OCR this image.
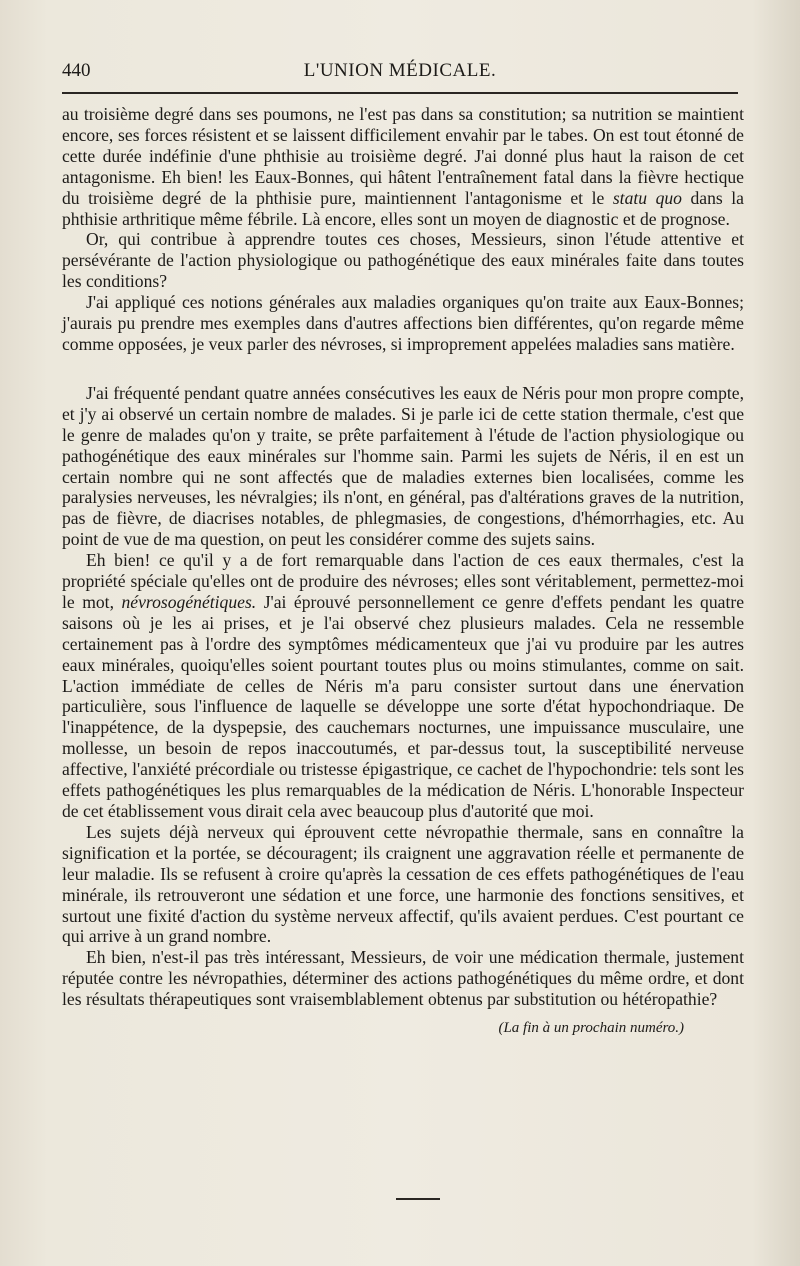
440	L'UNION MÉDICALE.

au troisième degré dans ses poumons, ne l'est pas dans sa constitution; sa nutrition se maintient encore, ses forces résistent et se laissent difficilement envahir par le tabes. On est tout étonné de cette durée indéfinie d'une phthisie au troisième degré. J'ai donné plus haut la raison de cet antagonisme. Eh bien! les Eaux-Bonnes, qui hâtent l'entraînement fatal dans la fièvre hectique du troisième degré de la phthisie pure, maintiennent l'antagonisme et le statu quo dans la phthisie arthritique même fébrile. Là encore, elles sont un moyen de diagnostic et de prognose.

Or, qui contribue à apprendre toutes ces choses, Messieurs, sinon l'étude attentive et persévérante de l'action physiologique ou pathogénétique des eaux minérales faite dans toutes les conditions?

J'ai appliqué ces notions générales aux maladies organiques qu'on traite aux Eaux-Bonnes; j'aurais pu prendre mes exemples dans d'autres affections bien différentes, qu'on regarde même comme opposées, je veux parler des névroses, si improprement appelées maladies sans matière.

J'ai fréquenté pendant quatre années consécutives les eaux de Néris pour mon propre compte, et j'y ai observé un certain nombre de malades. Si je parle ici de cette station thermale, c'est que le genre de malades qu'on y traite, se prête parfaitement à l'étude de l'action physiologique ou pathogénétique des eaux minérales sur l'homme sain. Parmi les sujets de Néris, il en est un certain nombre qui ne sont affectés que de maladies externes bien localisées, comme les paralysies nerveuses, les névralgies; ils n'ont, en général, pas d'altérations graves de la nutrition, pas de fièvre, de diacrises notables, de phlegmasies, de congestions, d'hémorrhagies, etc. Au point de vue de ma question, on peut les considérer comme des sujets sains.

Eh bien! ce qu'il y a de fort remarquable dans l'action de ces eaux thermales, c'est la propriété spéciale qu'elles ont de produire des névroses; elles sont véritablement, permettez-moi le mot, névrosogénétiques. J'ai éprouvé personnellement ce genre d'effets pendant les quatre saisons où je les ai prises, et je l'ai observé chez plusieurs malades. Cela ne ressemble certainement pas à l'ordre des symptômes médicamenteux que j'ai vu produire par les autres eaux minérales, quoiqu'elles soient pourtant toutes plus ou moins stimulantes, comme on sait. L'action immédiate de celles de Néris m'a paru consister surtout dans une énervation particulière, sous l'influence de laquelle se développe une sorte d'état hypochondriaque. De l'inappétence, de la dyspepsie, des cauchemars nocturnes, une impuissance musculaire, une mollesse, un besoin de repos inaccoutumés, et par-dessus tout, la susceptibilité nerveuse affective, l'anxiété précordiale ou tristesse épigastrique, ce cachet de l'hypochondrie: tels sont les effets pathogénétiques les plus remarquables de la médication de Néris. L'honorable Inspecteur de cet établissement vous dirait cela avec beaucoup plus d'autorité que moi.

Les sujets déjà nerveux qui éprouvent cette névropathie thermale, sans en connaître la signification et la portée, se découragent; ils craignent une aggravation réelle et permanente de leur maladie. Ils se refusent à croire qu'après la cessation de ces effets pathogénétiques de l'eau minérale, ils retrouveront une sédation et une force, une harmonie des fonctions sensitives, et surtout une fixité d'action du système nerveux affectif, qu'ils avaient perdues. C'est pourtant ce qui arrive à un grand nombre.

Eh bien, n'est-il pas très intéressant, Messieurs, de voir une médication thermale, justement réputée contre les névropathies, déterminer des actions pathogénétiques du même ordre, et dont les résultats thérapeutiques sont vraisemblablement obtenus par substitution ou hétéropathie?

(La fin à un prochain numéro.)
